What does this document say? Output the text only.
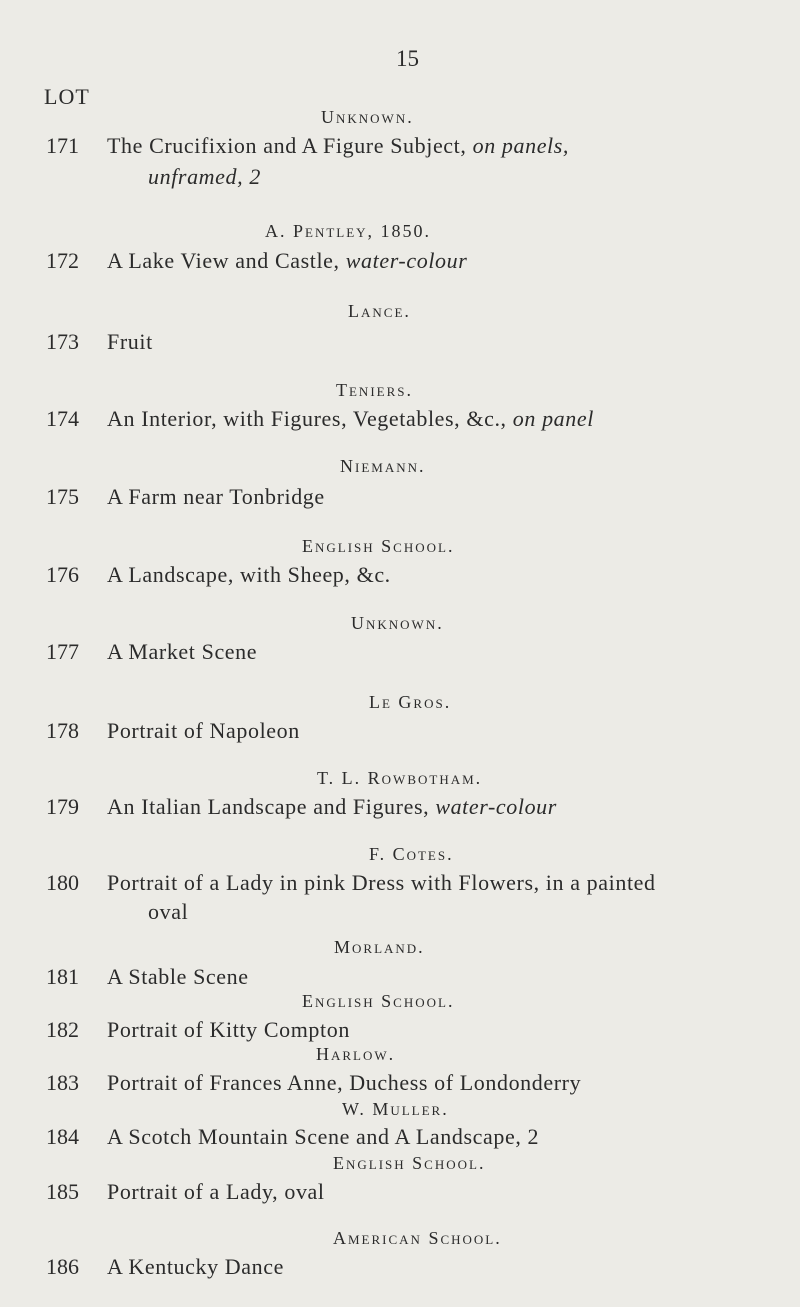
15
LOT
Unknown.
171 The Crucifixion and A Figure Subject, on panels,
unframed, 2
A. Pentley, 1850.
172 A Lake View and Castle, water-colour
Lance.
173 Fruit
Teniers.
174 An Interior, with Figures, Vegetables, &c., on panel
Niemann.
175 A Farm near Tonbridge
English School.
176 A Landscape, with Sheep, &c.
Unknown.
177 A Market Scene
Le Gros.
178 Portrait of Napoleon
T. L. Rowbotham.
179 An Italian Landscape and Figures, water-colour
F. Cotes.
180 Portrait of a Lady in pink Dress with Flowers, in a painted
oval
Morland.
181 A Stable Scene
English School.
182 Portrait of Kitty Compton
Harlow.
183 Portrait of Frances Anne, Duchess of Londonderry
W. Muller.
184 A Scotch Mountain Scene and A Landscape, 2
English School.
185 Portrait of a Lady, oval
American School.
186 A Kentucky Dance
